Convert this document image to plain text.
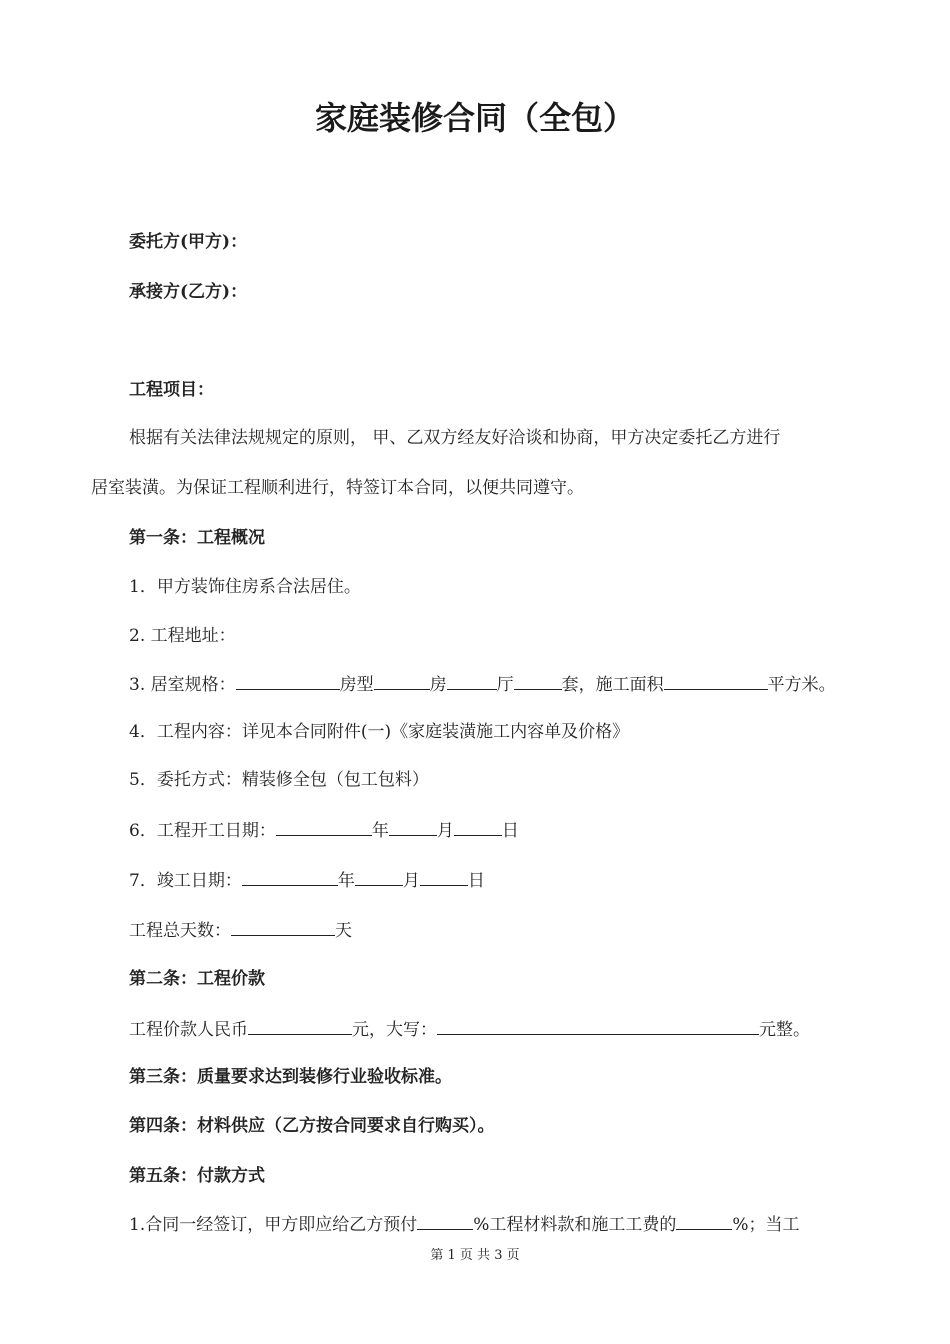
家庭装修合同（全包）
委托方(甲方)：
承接方(乙方)：
工程项目：
根据有关法律法规规定的原则， 甲、乙双方经友好洽谈和协商，甲方决定委托乙方进行
居室装潢。为保证工程顺利进行，特签订本合同，以便共同遵守。
第一条：工程概况
1．甲方装饰住房系合法居住。
2. 工程地址：
3. 居室规格：	房型	房	厅	套，施工面积	平方米。
4．工程内容：详见本合同附件(一)《家庭装潢施工内容单及价格》
5．委托方式：精装修全包（包工包料）
6．工程开工日期：	年	月	日
7．竣工日期：	年	月	日
工程总天数：	天
第二条：工程价款
工程价款人民币	元，大写：	元整。
第三条：质量要求达到装修行业验收标准。
第四条：材料供应（乙方按合同要求自行购买）。
第五条：付款方式
1.合同一经签订，甲方即应给乙方预付	%工程材料款和施工工费的	%；当工
第 1 页 共 3 页
